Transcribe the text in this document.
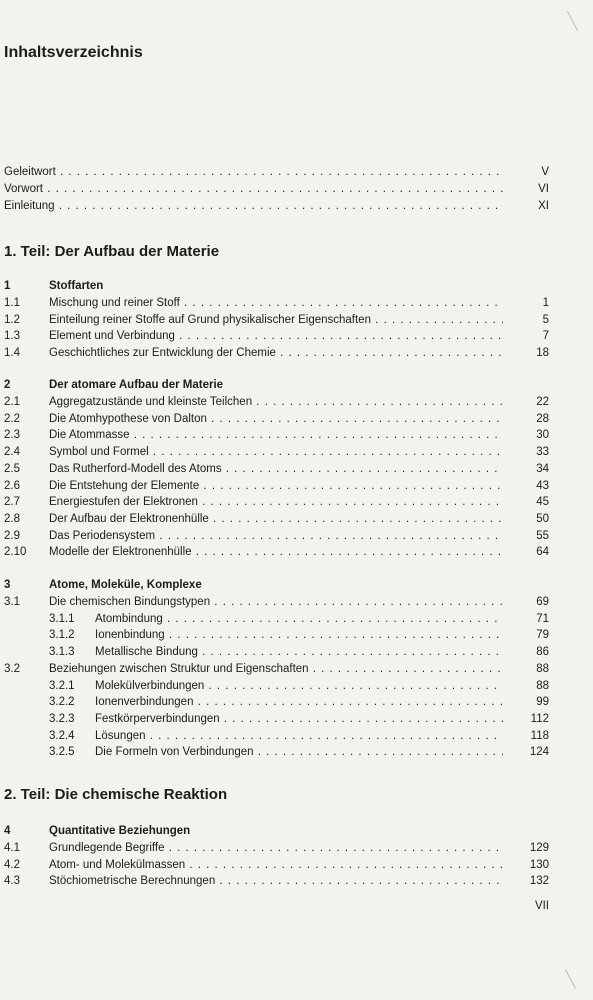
Inhaltsverzeichnis
Geleitwort . . .	V
Vorwort . . .	VI
Einleitung . . .	XI
1. Teil: Der Aufbau der Materie
1	Stoffarten
1.1	Mischung und reiner Stoff . . .	1
1.2	Einteilung reiner Stoffe auf Grund physikalischer Eigenschaften . . .	5
1.3	Element und Verbindung . . .	7
1.4	Geschichtliches zur Entwicklung der Chemie . . .	18
2	Der atomare Aufbau der Materie
2.1	Aggregatzustände und kleinste Teilchen . . .	22
2.2	Die Atomhypothese von Dalton . . .	28
2.3	Die Atommasse . . .	30
2.4	Symbol und Formel . . .	33
2.5	Das Rutherford-Modell des Atoms . . .	34
2.6	Die Entstehung der Elemente . . .	43
2.7	Energiestufen der Elektronen . . .	45
2.8	Der Aufbau der Elektronenhülle . . .	50
2.9	Das Periodensystem . . .	55
2.10 Modelle der Elektronenhülle . . .	64
3	Atome, Moleküle, Komplexe
3.1	Die chemischen Bindungstypen . . .	69
3.1.1 Atombindung . . .	71
3.1.2 Ionenbindung . . .	79
3.1.3 Metallische Bindung . . .	86
3.2	Beziehungen zwischen Struktur und Eigenschaften . . .	88
3.2.1 Molekülverbindungen . . .	88
3.2.2 Ionenverbindungen . . .	99
3.2.3 Festkörperverbindungen . . .	112
3.2.4 Lösungen . . .	118
3.2.5 Die Formeln von Verbindungen . . .	124
2. Teil: Die chemische Reaktion
4	Quantitative Beziehungen
4.1	Grundlegende Begriffe . . .	129
4.2	Atom- und Molekülmassen . . .	130
4.3	Stöchiometrische Berechnungen . . .	132
VII
